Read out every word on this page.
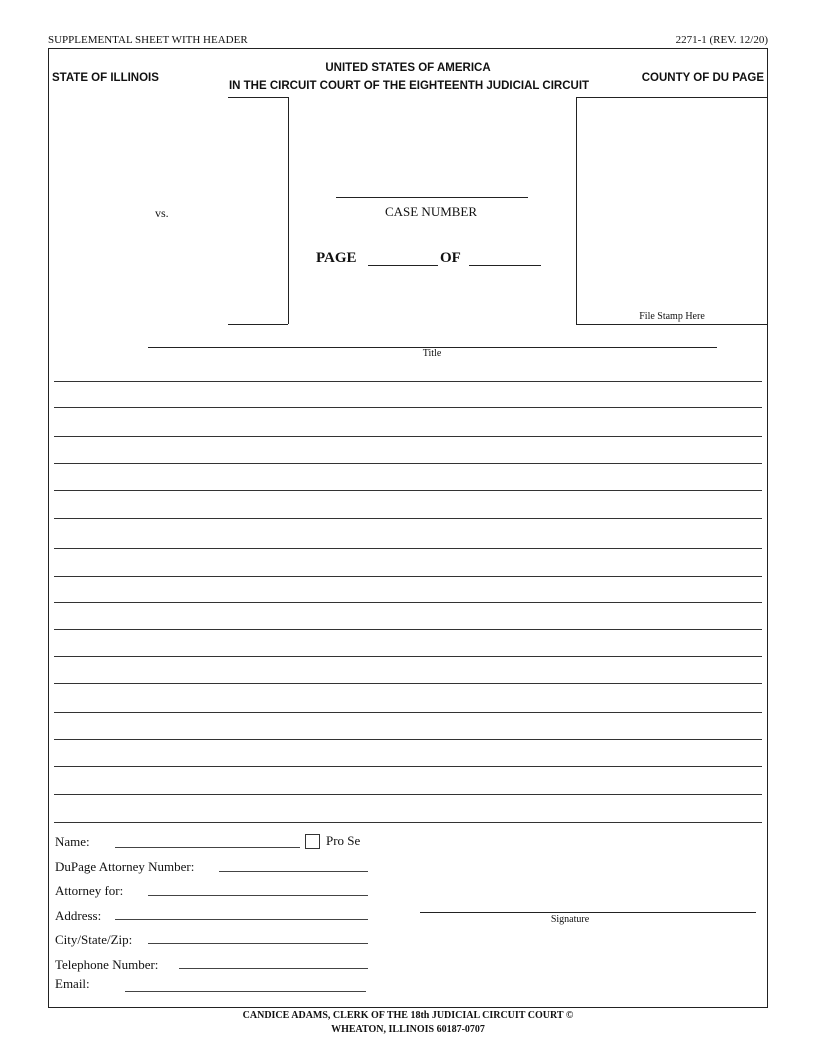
SUPPLEMENTAL SHEET WITH HEADER	2271-1 (REV. 12/20)
STATE OF ILLINOIS
UNITED STATES OF AMERICA
IN THE CIRCUIT COURT OF THE EIGHTEENTH JUDICIAL CIRCUIT
COUNTY OF DU PAGE
File Stamp Here
vs.	CASE NUMBER
PAGE	OF
Title
Name:	Pro Se
DuPage Attorney Number:
Attorney for:
Address:
City/State/Zip:
Telephone Number:
Email:
Signature
CANDICE ADAMS, CLERK OF THE 18th JUDICIAL CIRCUIT COURT ©
WHEATON, ILLINOIS 60187-0707
